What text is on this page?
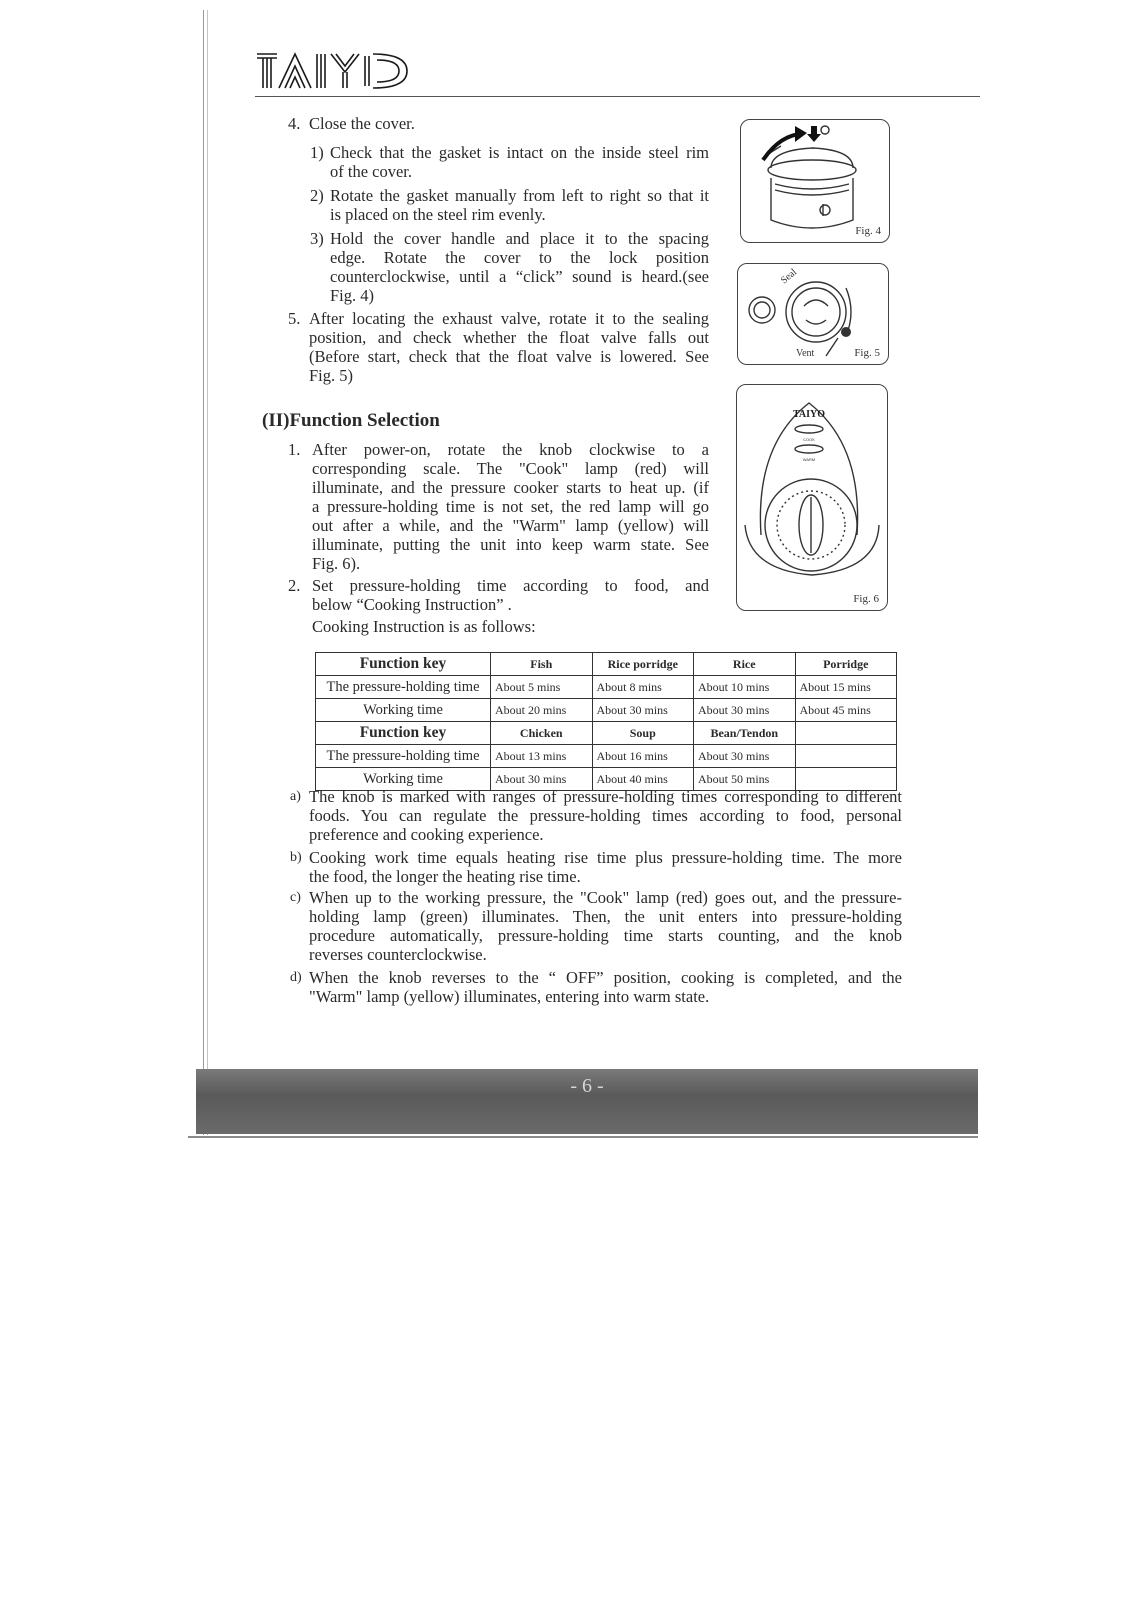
4. Close the cover.
1) Check that the gasket is intact on the inside steel rim
of the cover.
2) Rotate the gasket manually from left to right so that it
is placed on the steel rim evenly.
3) Hold the cover handle and place it to the spacing
edge. Rotate the cover to the lock position
counterclockwise, until a “click” sound is heard.(see
Fig. 4)
5. After locating the exhaust valve, rotate it to the sealing
position, and check whether the float valve falls out
(Before start, check that the float valve is lowered. See
Fig. 5)
(II)Function Selection
1. After power-on, rotate the knob clockwise to a
corresponding scale. The "Cook" lamp (red) will
illuminate, and the pressure cooker starts to heat up. (if
a pressure-holding time is not set, the red lamp will go
out after a while, and the "Warm" lamp (yellow) will
illuminate, putting the unit into keep warm state. See
Fig. 6).
2. Set pressure-holding time according to food, and
below “Cooking Instruction” .
Cooking Instruction is as follows:
Function key	Fish	Rice porridge	Rice	Porridge
The pressure-holding time	About 5 mins	About 8 mins	About 10 mins	About 15 mins
Working time	About 20 mins	About 30 mins	About 30 mins	About 45 mins
Function key	Chicken	Soup	Bean/Tendon	
The pressure-holding time	About 13 mins	About 16 mins	About 30 mins	
Working time	About 30 mins	About 40 mins	About 50 mins	
a) The knob is marked with ranges of pressure-holding times corresponding to different
foods. You can regulate the pressure-holding times according to food, personal
preference and cooking experience.
b) Cooking work time equals heating rise time plus pressure-holding time. The more
the food, the longer the heating rise time.
c) When up to the working pressure, the "Cook" lamp (red) goes out, and the pressure-
holding lamp (green) illuminates. Then, the unit enters into pressure-holding
procedure automatically, pressure-holding time starts counting, and the knob
reverses counterclockwise.
d) When the knob reverses to the “ OFF” position, cooking is completed, and the
"Warm" lamp (yellow) illuminates, entering into warm state.
Fig. 4
Seal
Vent	Fig. 5
TAIYO
COOK
WARM
Fig. 6
- 6 -
